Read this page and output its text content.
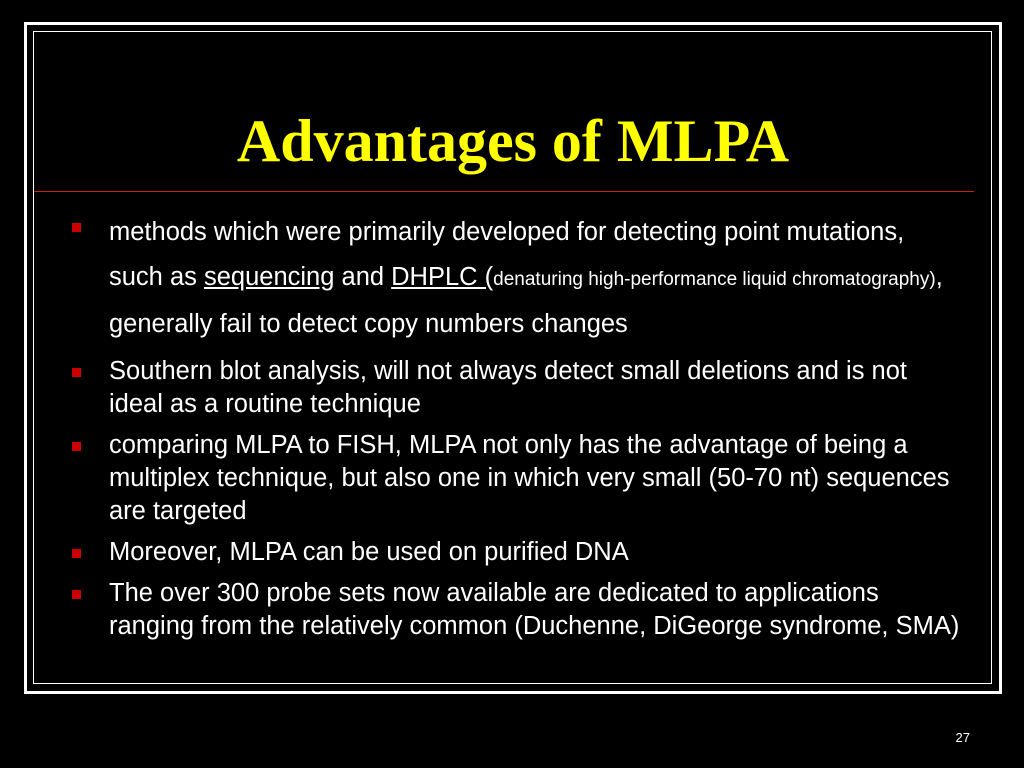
Advantages of MLPA
methods which were primarily developed for detecting point mutations, such as sequencing and DHPLC (denaturing high-performance liquid chromatography), generally fail to detect copy numbers changes
Southern blot analysis, will not always detect small deletions and is not ideal as a routine technique
comparing MLPA to FISH, MLPA not only has the advantage of being a multiplex technique, but also one in which very small (50-70 nt) sequences are targeted
Moreover, MLPA can be used on purified DNA
The over 300 probe sets now available are dedicated to applications ranging from the relatively common (Duchenne, DiGeorge syndrome, SMA)
27
